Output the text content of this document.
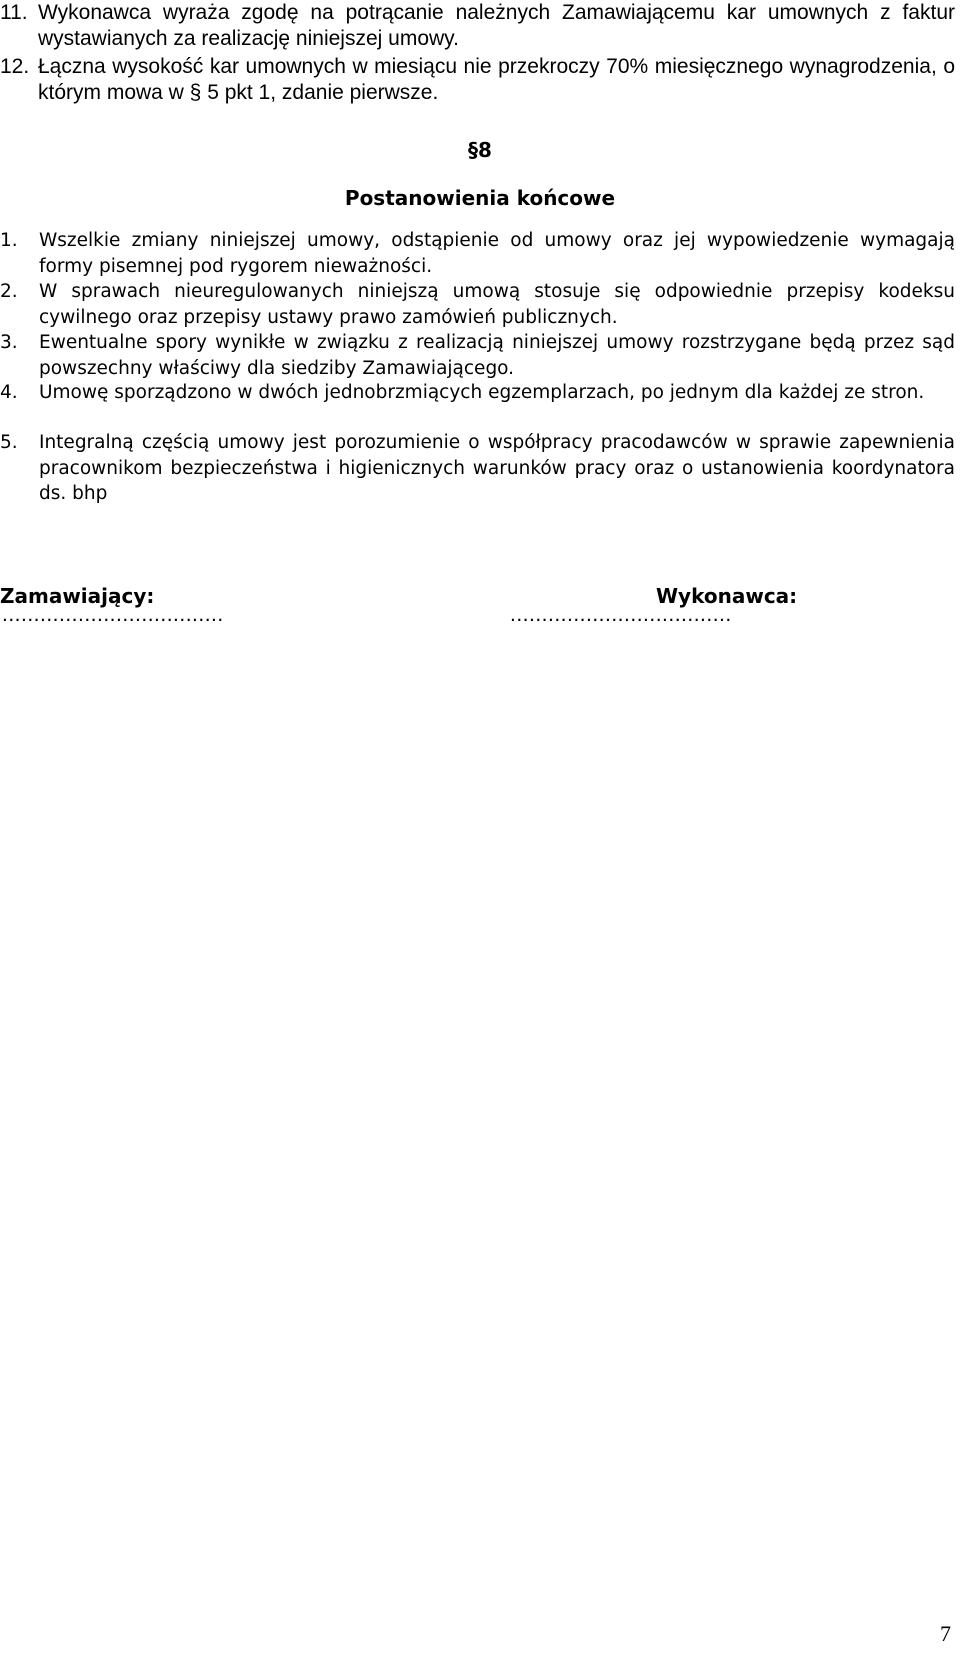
11. Wykonawca wyraża zgodę na potrącanie należnych Zamawiającemu kar umownych z faktur wystawianych za realizację niniejszej umowy.
12. Łączna wysokość kar umownych w miesiącu nie przekroczy 70% miesięcznego wynagrodzenia, o którym mowa w § 5 pkt 1, zdanie pierwsze.
§8
Postanowienia końcowe
1. Wszelkie zmiany niniejszej umowy, odstąpienie od umowy oraz jej wypowiedzenie wymagają formy pisemnej pod rygorem nieważności.
2. W sprawach nieuregulowanych niniejszą umową stosuje się odpowiednie przepisy kodeksu cywilnego oraz przepisy ustawy prawo zamówień publicznych.
3. Ewentualne spory wynikłe w związku z realizacją niniejszej umowy rozstrzygane będą przez sąd powszechny właściwy dla siedziby Zamawiającego.
4. Umowę sporządzono w dwóch jednobrzmiących egzemplarzach, po jednym dla każdej ze stron.
5. Integralną częścią umowy jest porozumienie o współpracy pracodawców w sprawie zapewnienia pracownikom bezpieczeństwa i higienicznych warunków pracy oraz o ustanowienia koordynatora ds. bhp
Zamawiający:	Wykonawca:
...................................	...................................
7
